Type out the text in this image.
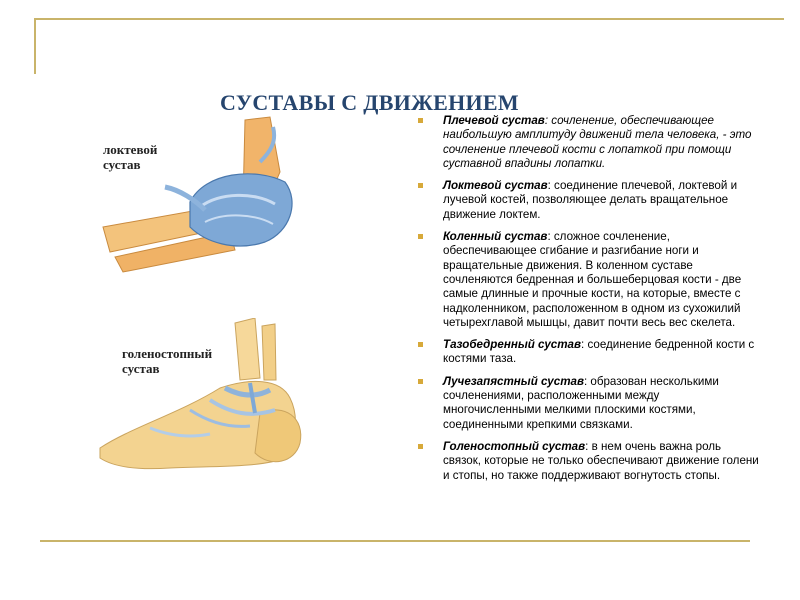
СУСТАВЫ С ДВИЖЕНИЕМ
локтевой
сустав
голеностопный
сустав
Плечевой сустав: сочленение, обеспечивающее наибольшую амплитуду движений тела человека, - это сочленение плечевой кости с лопаткой при помощи суставной впадины лопатки.
Локтевой сустав: соединение плечевой, локтевой и лучевой костей, позволяющее делать вращательное движение локтем.
Коленный сустав: сложное сочленение, обеспечивающее сгибание и разгибание ноги и вращательные движения. В коленном суставе сочленяются бедренная и большеберцовая кости - две самые длинные и прочные кости, на которые, вместе с надколенником, расположенном в одном из сухожилий четырехглавой мышцы, давит почти весь вес скелета.
Тазобедренный сустав: соединение бедренной кости с костями таза.
Лучезапястный сустав: образован несколькими сочленениями, расположенными между многочисленными мелкими плоскими костями, соединенными крепкими связками.
Голеностопный сустав: в нем очень важна роль связок, которые не только обеспечивают движение голени и стопы, но также поддерживают вогнутость стопы.
